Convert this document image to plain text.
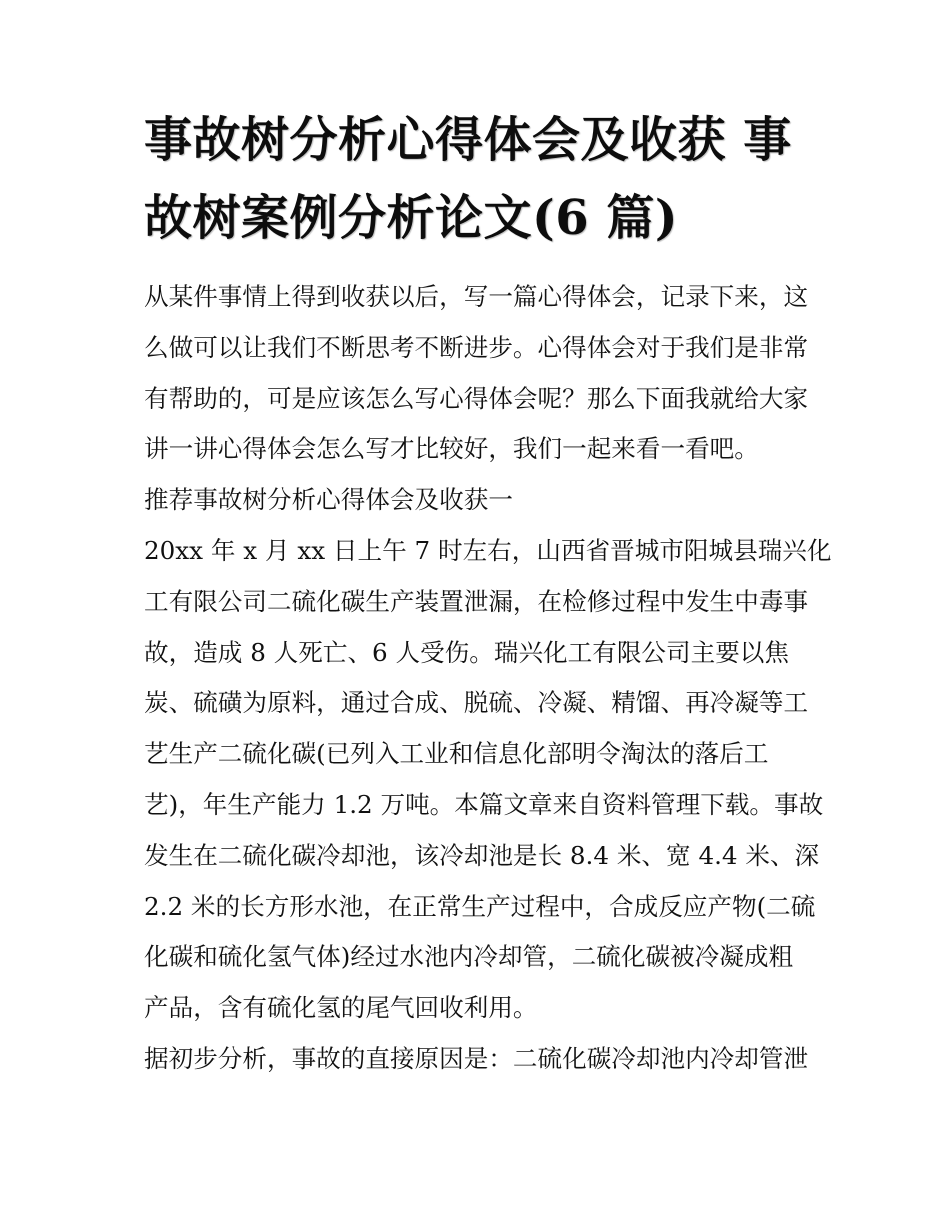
事故树分析心得体会及收获 事
故树案例分析论文(6 篇)
从某件事情上得到收获以后，写一篇心得体会，记录下来，这
么做可以让我们不断思考不断进步。心得体会对于我们是非常
有帮助的，可是应该怎么写心得体会呢？那么下面我就给大家
讲一讲心得体会怎么写才比较好，我们一起来看一看吧。
推荐事故树分析心得体会及收获一
20xx 年 x 月 xx 日上午 7 时左右，山西省晋城市阳城县瑞兴化
工有限公司二硫化碳生产装置泄漏，在检修过程中发生中毒事
故，造成 8 人死亡、6 人受伤。瑞兴化工有限公司主要以焦
炭、硫磺为原料，通过合成、脱硫、冷凝、精馏、再冷凝等工
艺生产二硫化碳(已列入工业和信息化部明令淘汰的落后工
艺)，年生产能力 1.2 万吨。本篇文章来自资料管理下载。事故
发生在二硫化碳冷却池，该冷却池是长 8.4 米、宽 4.4 米、深
2.2 米的长方形水池，在正常生产过程中，合成反应产物(二硫
化碳和硫化氢气体)经过水池内冷却管，二硫化碳被冷凝成粗
产品，含有硫化氢的尾气回收利用。
据初步分析，事故的直接原因是：二硫化碳冷却池内冷却管泄
